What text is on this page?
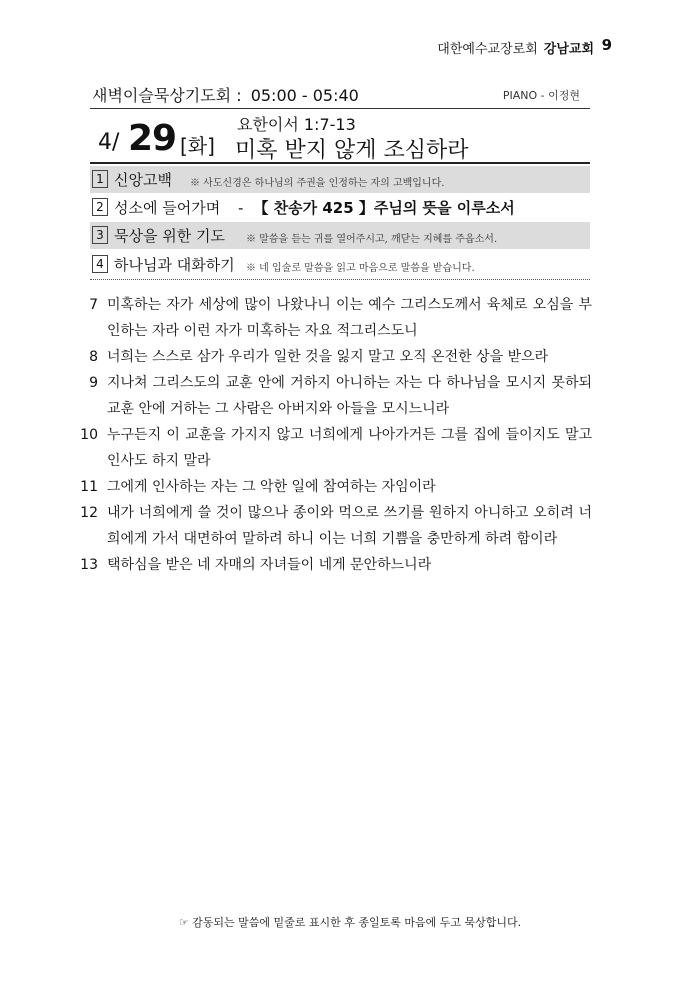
대한예수교장로회 강남교회 9
새벽이슬묵상기도회 : 05:00 - 05:40	PIANO - 이정현
4/ 29 [화]
요한이서 1:7-13
미혹 받지 않게 조심하라
1 신앙고백 ※ 사도신경은 하나님의 주권을 인정하는 자의 고백입니다.
2 성소에 들어가며 - 【 찬송가 425 】주님의 뜻을 이루소서
3 묵상을 위한 기도 ※ 말씀을 듣는 귀를 열어주시고, 깨닫는 지혜를 주옵소서.
4 하나님과 대화하기 ※ 네 입술로 말씀을 읽고 마음으로 말씀을 받습니다.
7 미혹하는 자가 세상에 많이 나왔나니 이는 예수 그리스도께서 육체로 오심을 부인하는 자라 이런 자가 미혹하는 자요 적그리스도니
8 너희는 스스로 삼가 우리가 일한 것을 잃지 말고 오직 온전한 상을 받으라
9 지나쳐 그리스도의 교훈 안에 거하지 아니하는 자는 다 하나님을 모시지 못하되 교훈 안에 거하는 그 사람은 아버지와 아들을 모시느니라
10 누구든지 이 교훈을 가지지 않고 너희에게 나아가거든 그를 집에 들이지도 말고 인사도 하지 말라
11 그에게 인사하는 자는 그 악한 일에 참여하는 자임이라
12 내가 너희에게 쓸 것이 많으나 종이와 먹으로 쓰기를 원하지 아니하고 오히려 너희에게 가서 대면하여 말하려 하니 이는 너희 기쁨을 충만하게 하려 함이라
13 택하심을 받은 네 자매의 자녀들이 네게 문안하느니라
☞ 감동되는 말씀에 밑줄로 표시한 후 종일토록 마음에 두고 묵상합니다.
